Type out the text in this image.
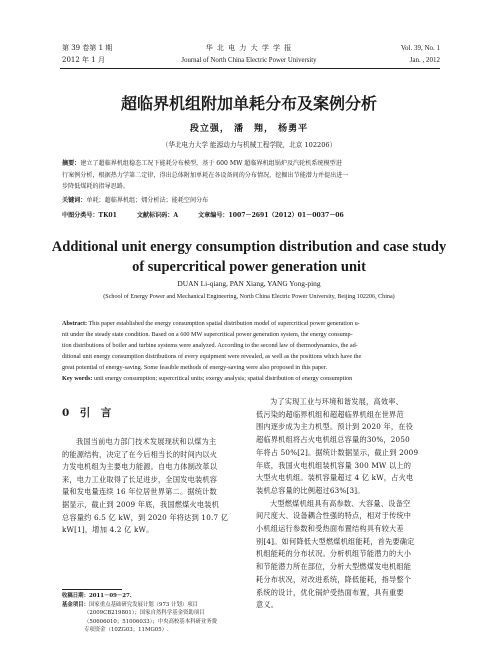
第 39 卷第 1 期
2012 年 1 月
华 北 电 力 大 学 学 报
Journal of North China Electric Power University
Vol. 39, No. 1
Jan. , 2012
超临界机组附加单耗分布及案例分析
段立强， 潘　翔， 杨勇平
（华北电力大学 能源动力与机械工程学院，北京 102206）

摘要：建立了超临界机组稳态工况下能耗分布模型，基于 600 MW 超临界机组锅炉及汽轮机系统模型进

行案例分析，根据热力学第二定律，得出总体附加单耗在各设备间的分布情况，挖掘出节能潜力并提出进一

步降低煤耗的指导思路。

关键词：单耗；超临界机组；㶲分析法；能耗空间分布
中图分类号：TK01	文献标识码：A	文章编号：1007－2691（2012）01－0037－06
Additional unit energy consumption distribution and case study
of supercritical power generation unit
DUAN Li-qiang, PAN Xiang, YANG Yong-ping
(School of Energy Power and Mechanical Engineering, North China Electric Power University, Beijing 102206, China)

Abstract: This paper established the energy consumption spatial distribution model of supercritical power generation u-

nit under the steady state condition. Based on a 600 MW supercritical power generation system, the energy consump-

tion distributions of boiler and turbine systems were analyzed. According to the second law of thermodynamics, the ad-

ditional unit energy consumption distributions of every equipment were revealed, as well as the positions which have the

great potential of energy-saving. Some feasible methods of energy-saving were also proposed in this paper.

Key words: unit energy consumption; supercritical units; exergy analysis; spatial distribution of energy consumption

0　引　言

我国当前电力部门技术发展现状和以煤为主

的能源结构，决定了在今后相当长的时间内以火

力发电机组为主要电力能源。自电力体制改革以

来，电力工业取得了长足进步，全国发电装机容

量和发电量连续 16 年位居世界第二。据统计数

据显示，截止到 2009 年底，我国燃煤火电装机

总容量约 6.5 亿 kW，到 2020 年将达到 10.7 亿

kW[1]，增加 4.2 亿 kW。

收稿日期：2011－09－27.

基金项目：国家重点基础研究发展计划（973 计划）项目

（2009CB219801）；国家自然科学基金资助项目

（50606010；51006033）；中央高校基本科研业务费

专项资金（10ZG03；11MG05）.

为了实现工业与环境和谐发展，高效率、

低污染的超临界机组和超超临界机组在世界范

围内逐步成为主力机型。预计到 2020 年，在役

超临界机组将占火电机组总容量的30%，2050

年将占 50%[2]。据统计数据显示，截止到 2009

年底，我国火电机组装机容量 300 MW 以上的

大型火电机组。装机容量超过 4 亿 kW，占火电

装机总容量的比例超过63%[3]。

大型燃煤机组具有高参数、大容量、设备空

间尺度大、设备耦合性强的特点，相对于传统中

小机组运行参数和受热面布置结构具有较大差

别[4]。如何降低大型燃煤机组能耗，首先要确定

机组能耗的分布状况。分析机组节能潜力的大小

和节能潜力所在部位，分析大型燃煤发电机组能

耗分布状况，对改进系统，降低能耗，指导整个

系统的设计，优化锅炉受热面布置，具有重要

意义。
